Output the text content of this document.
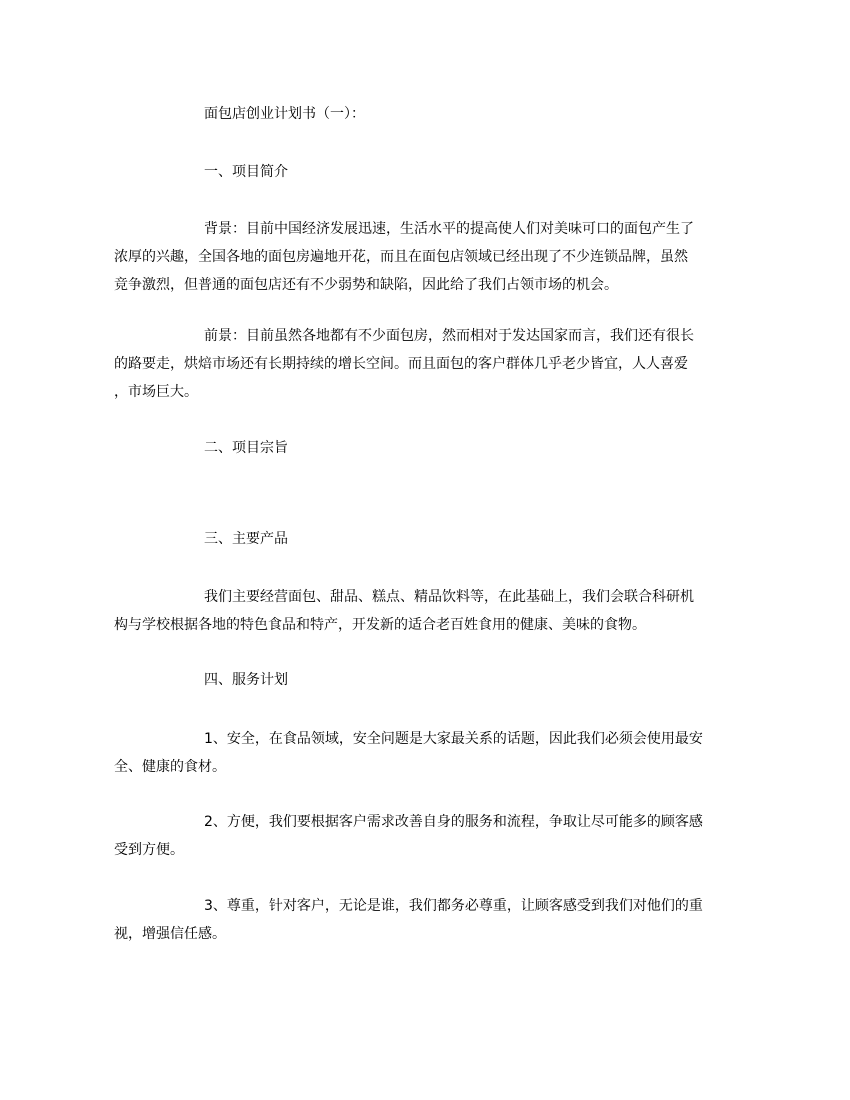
面包店创业计划书（一）：

一、项目简介

背景：目前中国经济发展迅速，生活水平的提高使人们对美味可口的面包产生了
浓厚的兴趣，全国各地的面包房遍地开花，而且在面包店领域已经出现了不少连锁品牌，虽然
竞争激烈，但普通的面包店还有不少弱势和缺陷，因此给了我们占领市场的机会。

前景：目前虽然各地都有不少面包房，然而相对于发达国家而言，我们还有很长
的路要走，烘焙市场还有长期持续的增长空间。而且面包的客户群体几乎老少皆宜，人人喜爱
，市场巨大。

二、项目宗旨

三、主要产品

我们主要经营面包、甜品、糕点、精品饮料等，在此基础上，我们会联合科研机
构与学校根据各地的特色食品和特产，开发新的适合老百姓食用的健康、美味的食物。

四、服务计划

1、安全，在食品领域，安全问题是大家最关系的话题，因此我们必须会使用最安
全、健康的食材。

2、方便，我们要根据客户需求改善自身的服务和流程，争取让尽可能多的顾客感
受到方便。

3、尊重，针对客户，无论是谁，我们都务必尊重，让顾客感受到我们对他们的重
视，增强信任感。
